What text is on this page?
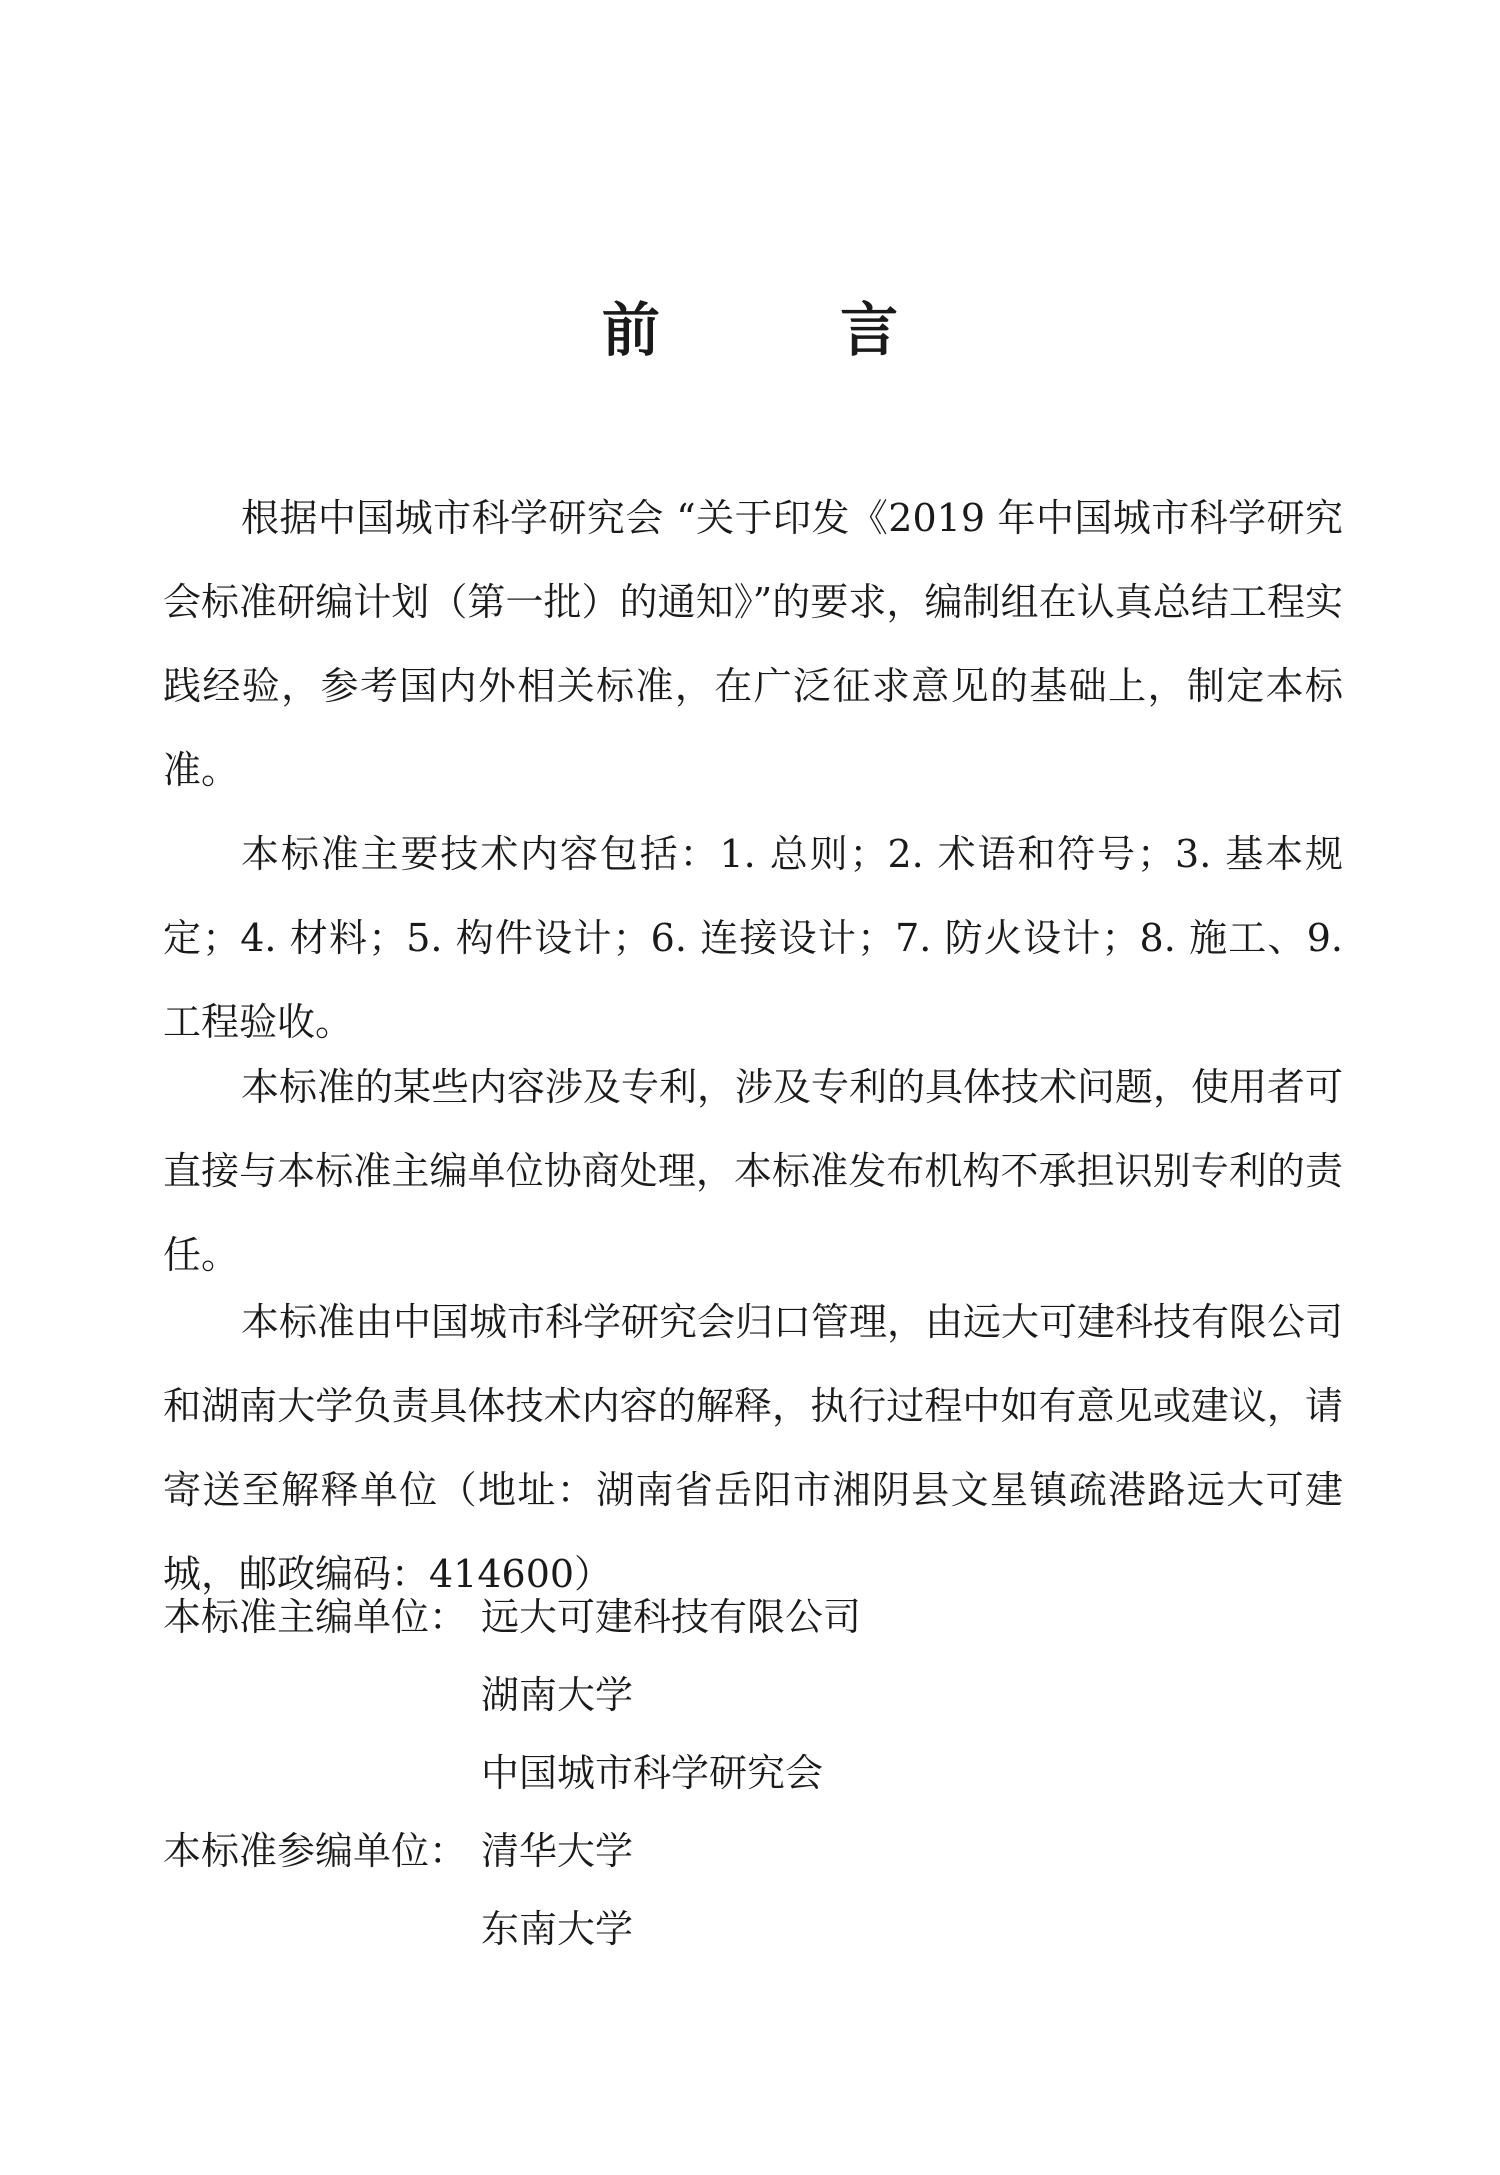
前 言

根据中国城市科学研究会 “关于印发《2019 年中国城市科学研究会标准研编计划（第一批）的通知》”的要求，编制组在认真总结工程实践经验，参考国内外相关标准，在广泛征求意见的基础上，制定本标准。

本标准主要技术内容包括：1. 总则；2. 术语和符号；3. 基本规定；4. 材料；5. 构件设计；6. 连接设计；7. 防火设计；8. 施工、9. 工程验收。

本标准的某些内容涉及专利，涉及专利的具体技术问题，使用者可直接与本标准主编单位协商处理，本标准发布机构不承担识别专利的责任。

本标准由中国城市科学研究会归口管理，由远大可建科技有限公司和湖南大学负责具体技术内容的解释，执行过程中如有意见或建议，请寄送至解释单位（地址：湖南省岳阳市湘阴县文星镇疏港路远大可建城，邮政编码：414600）

本标准主编单位： 远大可建科技有限公司
湖南大学
中国城市科学研究会
本标准参编单位： 清华大学
东南大学
